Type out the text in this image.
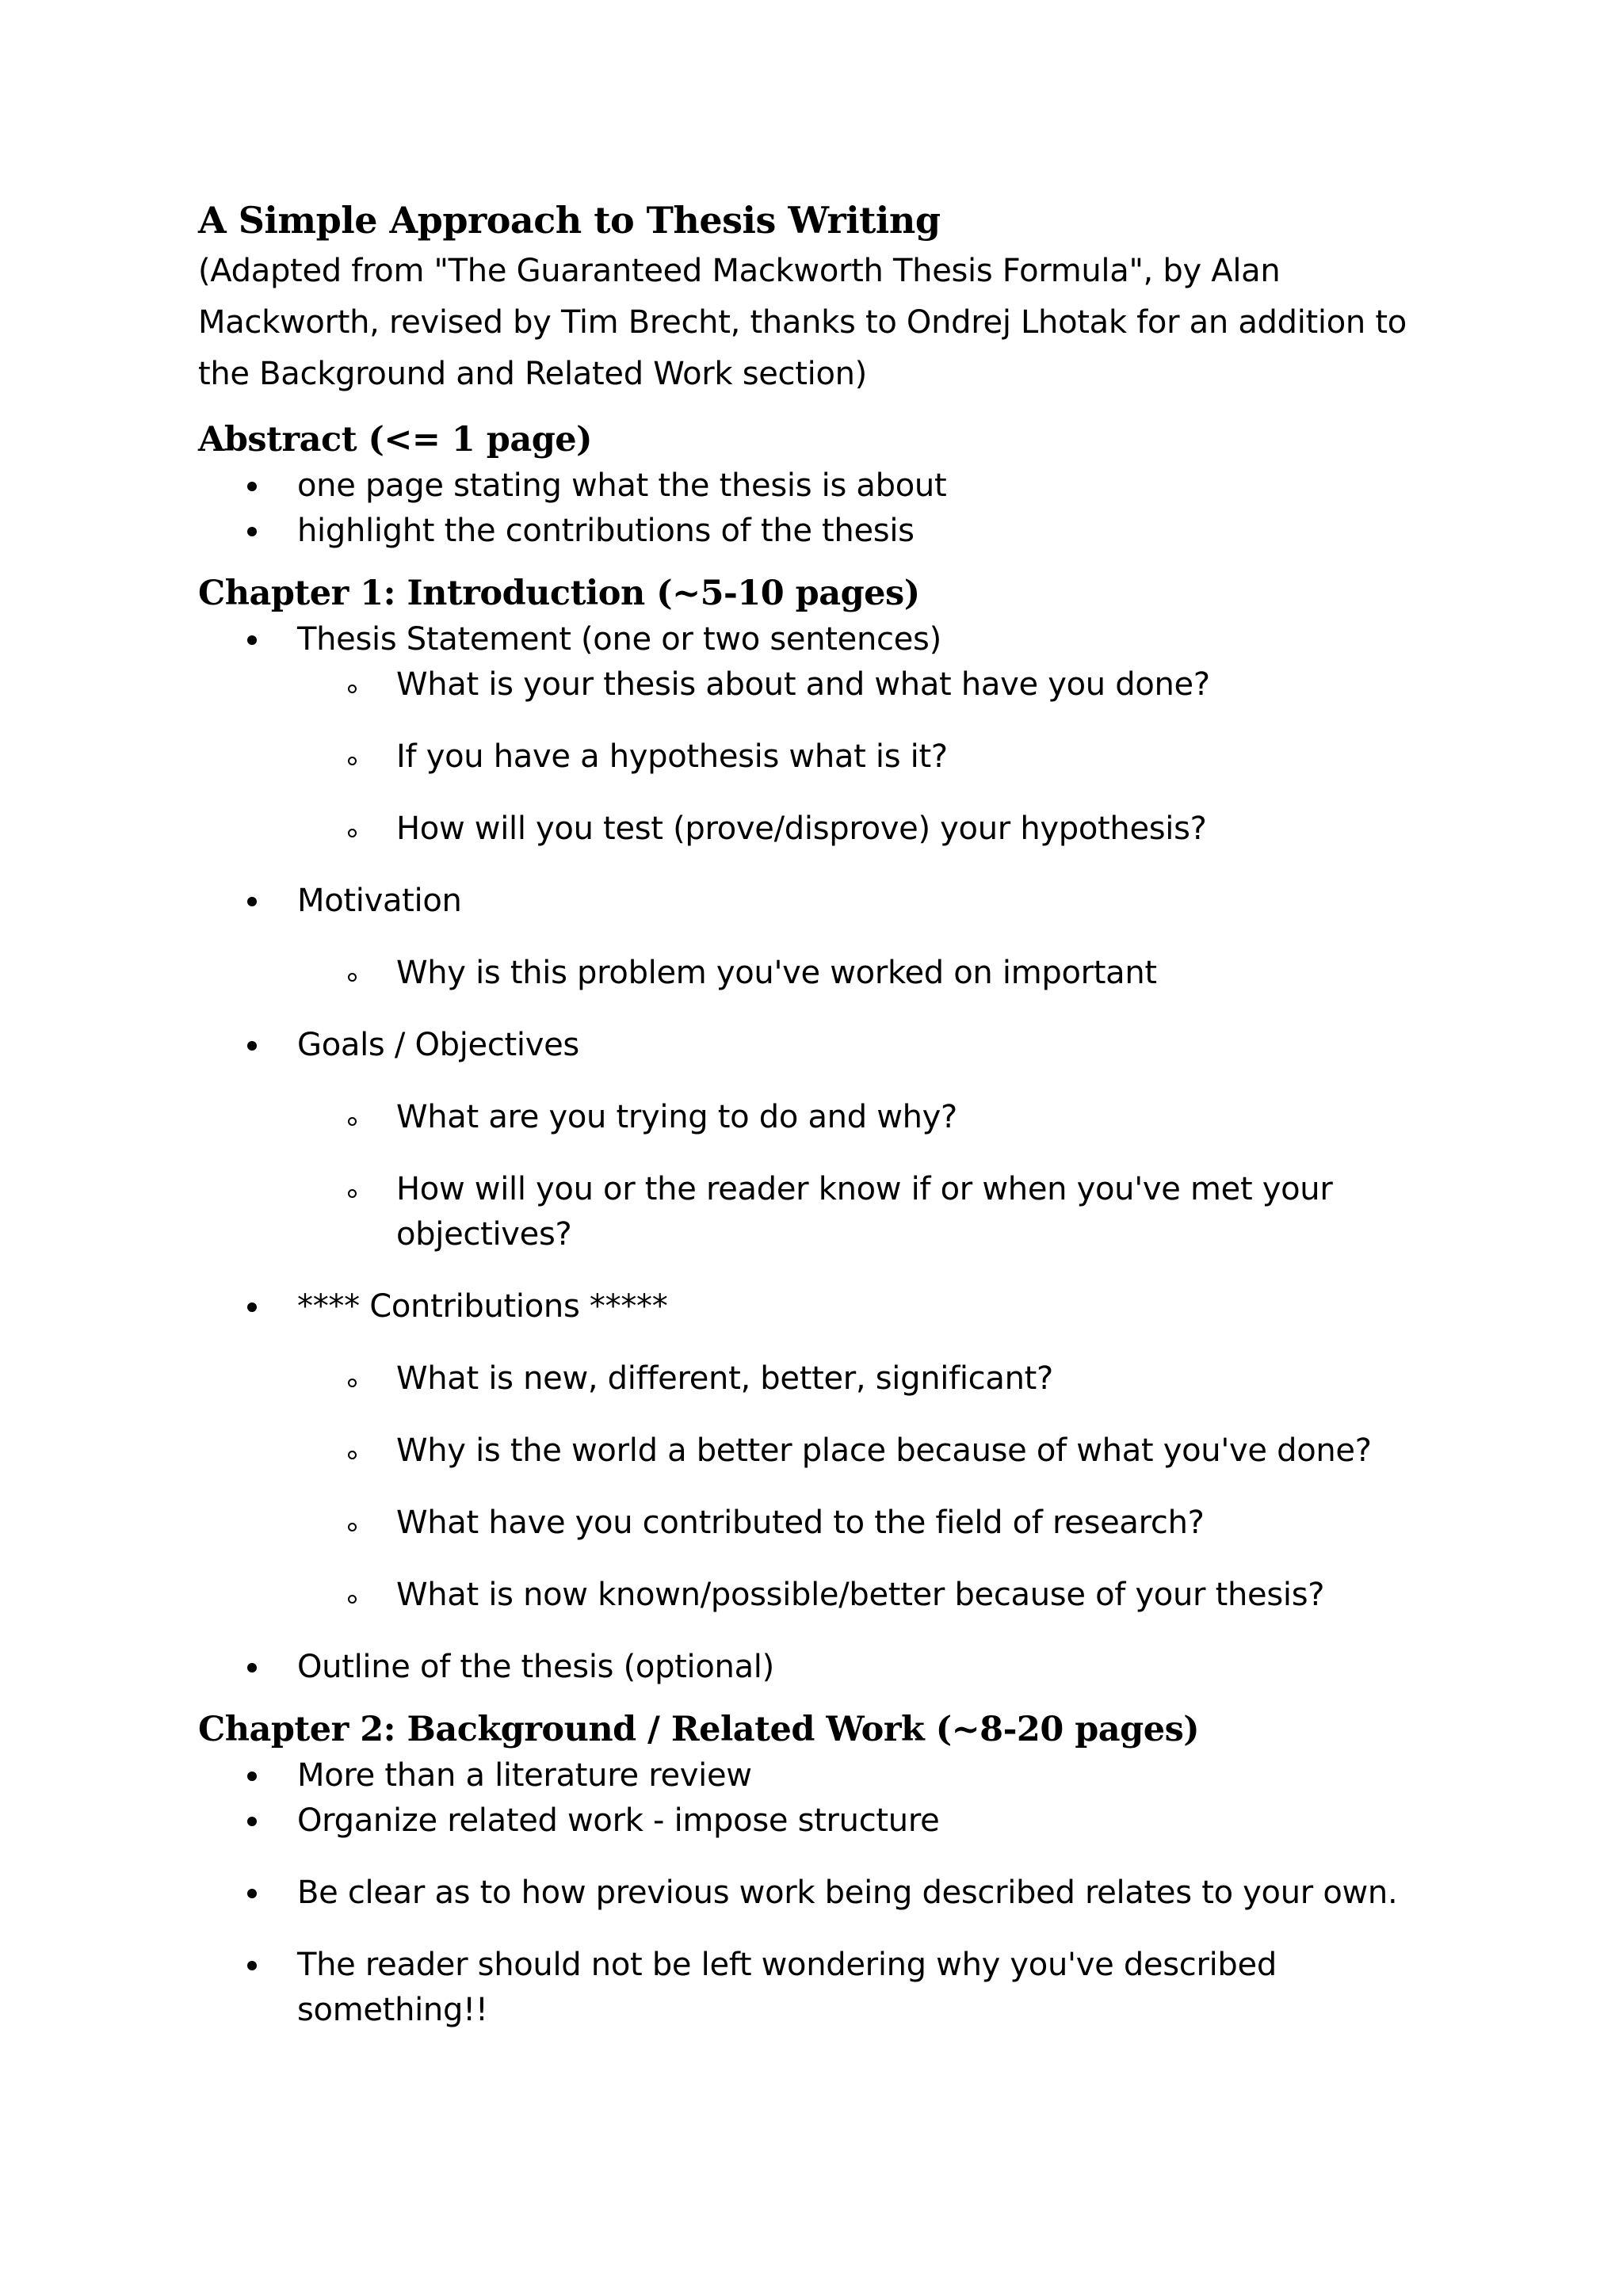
A Simple Approach to Thesis Writing

(Adapted from "The Guaranteed Mackworth Thesis Formula", by Alan Mackworth, revised by Tim Brecht, thanks to Ondrej Lhotak for an addition to the Background and Related Work section)

Abstract (<= 1 page)
one page stating what the thesis is about
highlight the contributions of the thesis
Chapter 1: Introduction (~5-10 pages)
Thesis Statement (one or two sentences)
What is your thesis about and what have you done?
If you have a hypothesis what is it?
How will you test (prove/disprove) your hypothesis?
Motivation
Why is this problem you've worked on important
Goals / Objectives
What are you trying to do and why?
How will you or the reader know if or when you've met your objectives?
**** Contributions *****
What is new, different, better, significant?
Why is the world a better place because of what you've done?
What have you contributed to the field of research?
What is now known/possible/better because of your thesis?
Outline of the thesis (optional)
Chapter 2: Background / Related Work (~8-20 pages)
More than a literature review
Organize related work - impose structure
Be clear as to how previous work being described relates to your own.
The reader should not be left wondering why you've described something!!
